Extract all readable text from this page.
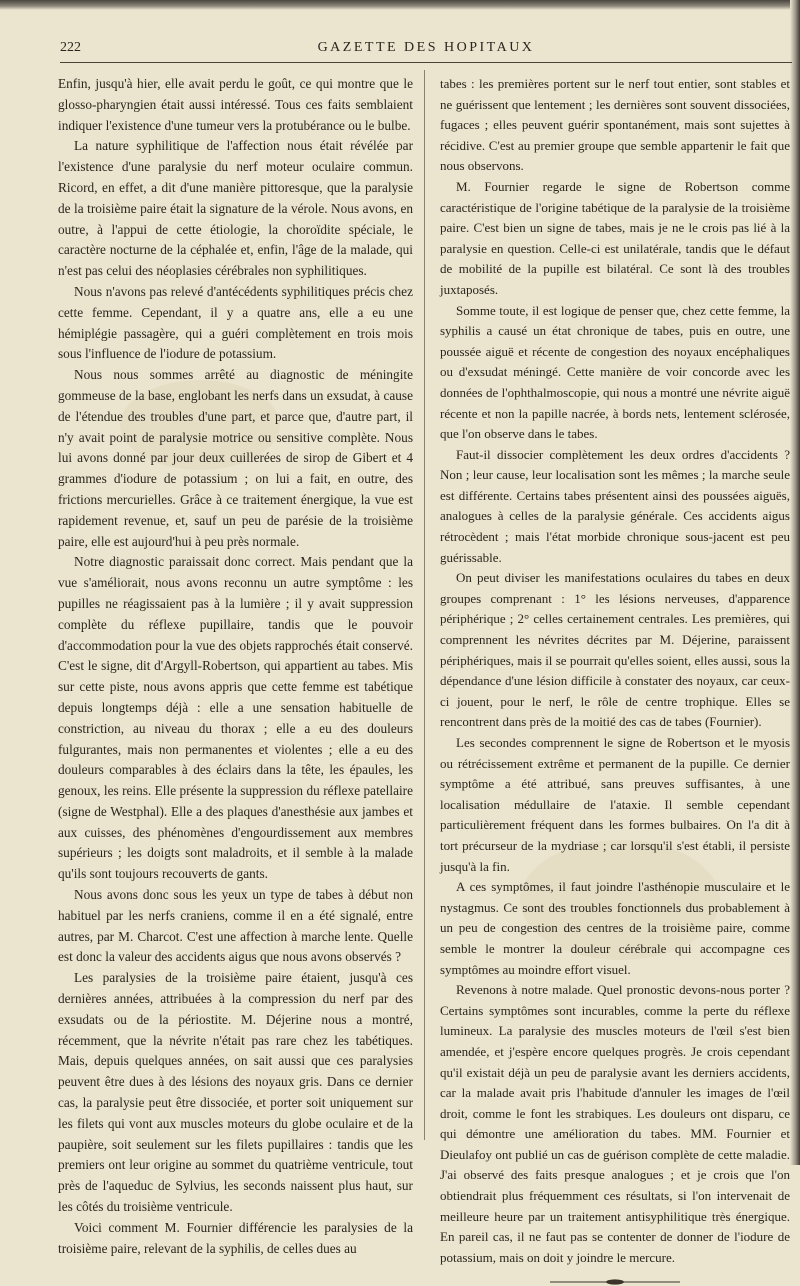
222	GAZETTE DES HOPITAUX

Enfin, jusqu'à hier, elle avait perdu le goût, ce qui montre que le glosso-pharyngien était aussi intéressé. Tous ces faits semblaient indiquer l'existence d'une tumeur vers la protubérance ou le bulbe.

La nature syphilitique de l'affection nous était révélée par l'existence d'une paralysie du nerf moteur oculaire commun. Ricord, en effet, a dit d'une manière pittoresque, que la paralysie de la troisième paire était la signature de la vérole. Nous avons, en outre, à l'appui de cette étiologie, la choroïdite spéciale, le caractère nocturne de la céphalée et, enfin, l'âge de la malade, qui n'est pas celui des néoplasies cérébrales non syphilitiques.

Nous n'avons pas relevé d'antécédents syphilitiques précis chez cette femme. Cependant, il y a quatre ans, elle a eu une hémiplégie passagère, qui a guéri complètement en trois mois sous l'influence de l'iodure de potassium.

Nous nous sommes arrêté au diagnostic de méningite gommeuse de la base, englobant les nerfs dans un exsudat, à cause de l'étendue des troubles d'une part, et parce que, d'autre part, il n'y avait point de paralysie motrice ou sensitive complète. Nous lui avons donné par jour deux cuillerées de sirop de Gibert et 4 grammes d'iodure de potassium ; on lui a fait, en outre, des frictions mercurielles. Grâce à ce traitement énergique, la vue est rapidement revenue, et, sauf un peu de parésie de la troisième paire, elle est aujourd'hui à peu près normale.

Notre diagnostic paraissait donc correct. Mais pendant que la vue s'améliorait, nous avons reconnu un autre symptôme : les pupilles ne réagissaient pas à la lumière ; il y avait suppression complète du réflexe pupillaire, tandis que le pouvoir d'accommodation pour la vue des objets rapprochés était conservé. C'est le signe, dit d'Argyll-Robertson, qui appartient au tabes. Mis sur cette piste, nous avons appris que cette femme est tabétique depuis longtemps déjà : elle a une sensation habituelle de constriction, au niveau du thorax ; elle a eu des douleurs fulgurantes, mais non permanentes et violentes ; elle a eu des douleurs comparables à des éclairs dans la tête, les épaules, les genoux, les reins. Elle présente la suppression du réflexe patellaire (signe de Westphal). Elle a des plaques d'anesthésie aux jambes et aux cuisses, des phénomènes d'engourdissement aux membres supérieurs ; les doigts sont maladroits, et il semble à la malade qu'ils sont toujours recouverts de gants.

Nous avons donc sous les yeux un type de tabes à début non habituel par les nerfs craniens, comme il en a été signalé, entre autres, par M. Charcot. C'est une affection à marche lente. Quelle est donc la valeur des accidents aigus que nous avons observés ?

Les paralysies de la troisième paire étaient, jusqu'à ces dernières années, attribuées à la compression du nerf par des exsudats ou de la périostite. M. Déjerine nous a montré, récemment, que la névrite n'était pas rare chez les tabétiques. Mais, depuis quelques années, on sait aussi que ces paralysies peuvent être dues à des lésions des noyaux gris. Dans ce dernier cas, la paralysie peut être dissociée, et porter soit uniquement sur les filets qui vont aux muscles moteurs du globe oculaire et de la paupière, soit seulement sur les filets pupillaires : tandis que les premiers ont leur origine au sommet du quatrième ventricule, tout près de l'aqueduc de Sylvius, les seconds naissent plus haut, sur les côtés du troisième ventricule.

Voici comment M. Fournier différencie les paralysies de la troisième paire, relevant de la syphilis, de celles dues au

tabes : les premières portent sur le nerf tout entier, sont stables et ne guérissent que lentement ; les dernières sont souvent dissociées, fugaces ; elles peuvent guérir spontanément, mais sont sujettes à récidive. C'est au premier groupe que semble appartenir le fait que nous observons.

M. Fournier regarde le signe de Robertson comme caractéristique de l'origine tabétique de la paralysie de la troisième paire. C'est bien un signe de tabes, mais je ne le crois pas lié à la paralysie en question. Celle-ci est unilatérale, tandis que le défaut de mobilité de la pupille est bilatéral. Ce sont là des troubles juxtaposés.

Somme toute, il est logique de penser que, chez cette femme, la syphilis a causé un état chronique de tabes, puis en outre, une poussée aiguë et récente de congestion des noyaux encéphaliques ou d'exsudat méningé. Cette manière de voir concorde avec les données de l'ophthalmoscopie, qui nous a montré une névrite aiguë récente et non la papille nacrée, à bords nets, lentement sclérosée, que l'on observe dans le tabes.

Faut-il dissocier complètement les deux ordres d'accidents ? Non ; leur cause, leur localisation sont les mêmes ; la marche seule est différente. Certains tabes présentent ainsi des poussées aiguës, analogues à celles de la paralysie générale. Ces accidents aigus rétrocèdent ; mais l'état morbide chronique sous-jacent est peu guérissable.

On peut diviser les manifestations oculaires du tabes en deux groupes comprenant : 1° les lésions nerveuses, d'apparence périphérique ; 2° celles certainement centrales. Les premières, qui comprennent les névrites décrites par M. Déjerine, paraissent périphériques, mais il se pourrait qu'elles soient, elles aussi, sous la dépendance d'une lésion difficile à constater des noyaux, car ceux-ci jouent, pour le nerf, le rôle de centre trophique. Elles se rencontrent dans près de la moitié des cas de tabes (Fournier).

Les secondes comprennent le signe de Robertson et le myosis ou rétrécissement extrême et permanent de la pupille. Ce dernier symptôme a été attribué, sans preuves suffisantes, à une localisation médullaire de l'ataxie. Il semble cependant particulièrement fréquent dans les formes bulbaires. On l'a dit à tort précurseur de la mydriase ; car lorsqu'il s'est établi, il persiste jusqu'à la fin.

A ces symptômes, il faut joindre l'asthénopie musculaire et le nystagmus. Ce sont des troubles fonctionnels dus probablement à un peu de congestion des centres de la troisième paire, comme semble le montrer la douleur cérébrale qui accompagne ces symptômes au moindre effort visuel.

Revenons à notre malade. Quel pronostic devons-nous porter ? Certains symptômes sont incurables, comme la perte du réflexe lumineux. La paralysie des muscles moteurs de l'œil s'est bien amendée, et j'espère encore quelques progrès. Je crois cependant qu'il existait déjà un peu de paralysie avant les derniers accidents, car la malade avait pris l'habitude d'annuler les images de l'œil droit, comme le font les strabiques. Les douleurs ont disparu, ce qui démontre une amélioration du tabes. MM. Fournier et Dieulafoy ont publié un cas de guérison complète de cette maladie. J'ai observé des faits presque analogues ; et je crois que l'on obtiendrait plus fréquemment ces résultats, si l'on intervenait de meilleure heure par un traitement antisyphilitique très énergique. En pareil cas, il ne faut pas se contenter de donner de l'iodure de potassium, mais on doit y joindre le mercure.
